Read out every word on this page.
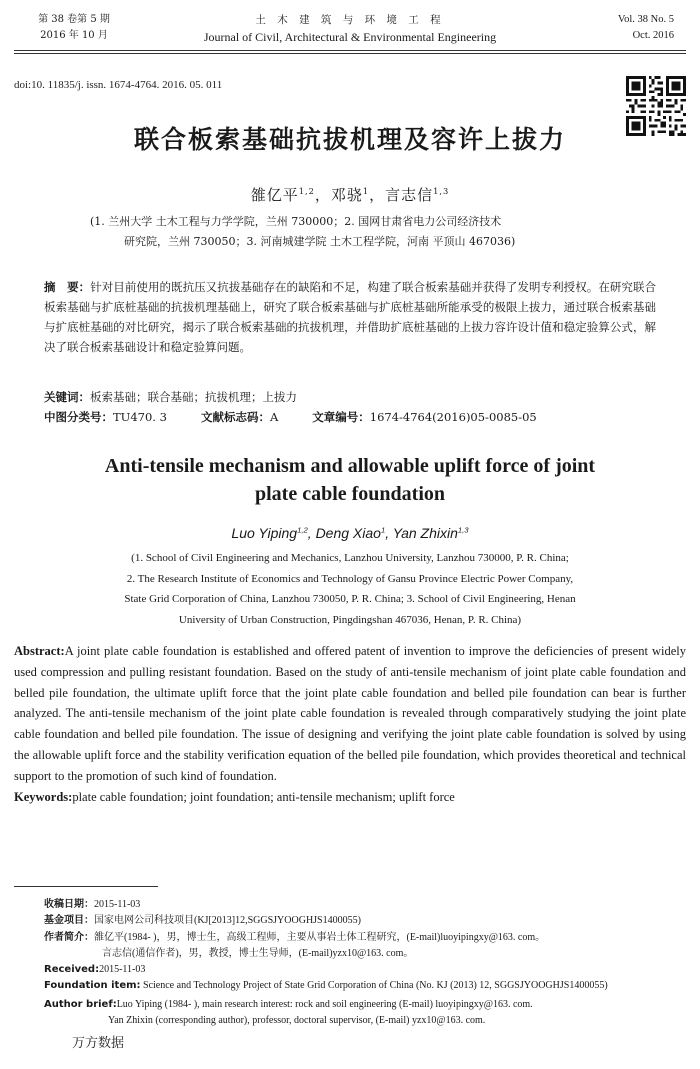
第 38 卷第 5 期
2016 年 10 月
土 木 建 筑 与 环 境 工 程
Journal of Civil, Architectural & Environmental Engineering
Vol. 38 No. 5
Oct. 2016
doi:10. 11835/j. issn. 1674-4764. 2016. 05. 011
联合板索基础抗拔机理及容许上拔力
雒亿平$^{1,2}$，邓骁$^1$，言志信$^{1,3}$
(1. 兰州大学 土木工程与力学学院，兰州 730000；2. 国网甘肃省电力公司经济技术
研究院，兰州 730050；3. 河南城建学院 土木工程学院，河南 平顶山 467036)
摘　要：针对目前使用的既抗压又抗拔基础存在的缺陷和不足，构建了联合板索基础并获得了发明专利授权。在研究联合板索基础与扩底桩基础的抗拔机理基础上，研究了联合板索基础与扩底桩基础所能承受的极限上拔力，通过联合板索基础与扩底桩基础的对比研究，揭示了联合板索基础的抗拔机理，并借助扩底桩基础的上拔力容许设计值和稳定验算公式，解决了联合板索基础设计和稳定验算问题。
关键词：板索基础；联合基础；抗拔机理；上拔力
中图分类号：TU470. 3	文献标志码：A	文章编号：1674-4764(2016)05-0085-05
Anti-tensile mechanism and allowable uplift force of joint
plate cable foundation
Luo Yiping$^{1,2}$, Deng Xiao$^1$, Yan Zhixin$^{1,3}$
(1. School of Civil Engineering and Mechanics, Lanzhou University, Lanzhou 730000, P. R. China;
2. The Research Institute of Economics and Technology of Gansu Province Electric Power Company,
State Grid Corporation of China, Lanzhou 730050, P. R. China; 3. School of Civil Engineering, Henan
University of Urban Construction, Pingdingshan 467036, Henan, P. R. China)
Abstract:A joint plate cable foundation is established and offered patent of invention to improve the deficiencies of present widely used compression and pulling resistant foundation. Based on the study of anti-tensile mechanism of joint plate cable foundation and belled pile foundation, the ultimate uplift force that the joint plate cable foundation and belled pile foundation can bear is further analyzed. The anti-tensile mechanism of the joint plate cable foundation is revealed through comparatively studying the joint plate cable foundation and belled pile foundation. The issue of designing and verifying the joint plate cable foundation is solved by using the allowable uplift force and the stability verification equation of the belled pile foundation, which provides theoretical and technical support to the promotion of such kind of foundation.
Keywords:plate cable foundation; joint foundation; anti-tensile mechanism; uplift force
收稿日期： 2015-11-03
基金项目： 国家电网公司科技项目(KJ[2013]12,SGGSJYOOGHJS1400055)
作者简介： 雒亿平(1984- )，男，博士生，高级工程师，主要从事岩土体工程研究，(E-mail)luoyipingxy@163. com。
言志信(通信作者)，男，教授，博士生导师，(E-mail)yzx10@163. com。
Received: 2015-11-03
Foundation item:
Science and Technology Project of State Grid Corporation of China (No. KJ (2013) 12, SGGSJYOOGHJS1400055)
Author brief: Luo Yiping (1984- ), main research interest: rock and soil engineering (E-mail) luoyipingxy@163. com.
Yan Zhixin (corresponding author), professor, doctoral supervisor, (E-mail) yzx10@163. com.
万方数据
